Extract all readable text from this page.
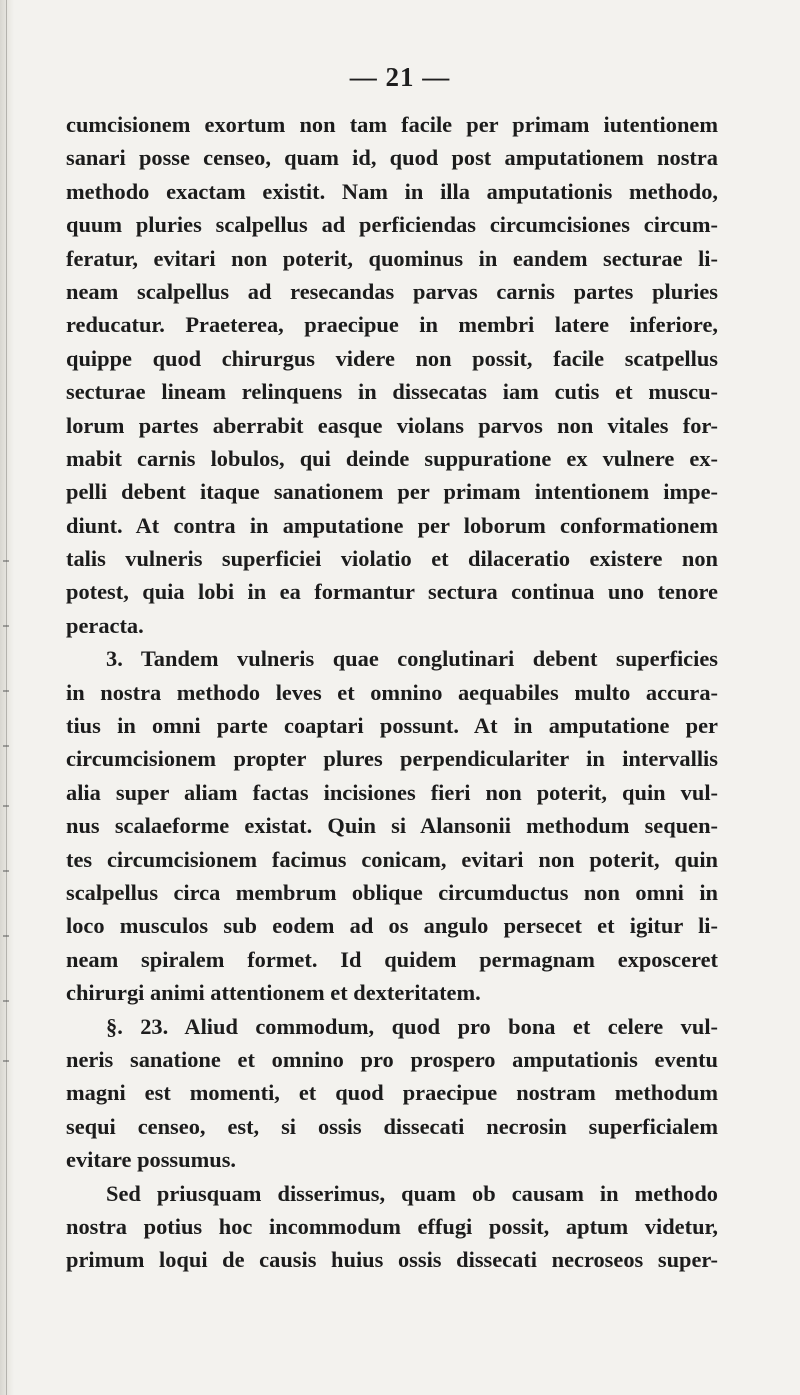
— 21 —
cumcisionem exortum non tam facile per primam iutentionem
sanari posse censeo, quam id, quod post amputationem nostra
methodo exactam existit. Nam in illa amputationis methodo,
quum pluries scalpellus ad perficiendas circumcisiones circum-
feratur, evitari non poterit, quominus in eandem secturae li-
neam scalpellus ad resecandas parvas carnis partes pluries
reducatur. Praeterea, praecipue in membri latere inferiore,
quippe quod chirurgus videre non possit, facile scatpellus
secturae lineam relinquens in dissecatas iam cutis et muscu-
lorum partes aberrabit easque violans parvos non vitales for-
mabit carnis lobulos, qui deinde suppuratione ex vulnere ex-
pelli debent itaque sanationem per primam intentionem impe-
diunt. At contra in amputatione per loborum conformationem
talis vulneris superficiei violatio et dilaceratio existere non
potest, quia lobi in ea formantur sectura continua uno tenore
peracta.
3. Tandem vulneris quae conglutinari debent superficies
in nostra methodo leves et omnino aequabiles multo accura-
tius in omni parte coaptari possunt. At in amputatione per
circumcisionem propter plures perpendiculariter in intervallis
alia super aliam factas incisiones fieri non poterit, quin vul-
nus scalaeforme existat. Quin si Alansonii methodum sequen-
tes circumcisionem facimus conicam, evitari non poterit, quin
scalpellus circa membrum oblique circumductus non omni in
loco musculos sub eodem ad os angulo persecet et igitur li-
neam spiralem formet. Id quidem permagnam exposceret
chirurgi animi attentionem et dexteritatem.
§. 23. Aliud commodum, quod pro bona et celere vul-
neris sanatione et omnino pro prospero amputationis eventu
magni est momenti, et quod praecipue nostram methodum
sequi censeo, est, si ossis dissecati necrosin superficialem
evitare possumus.
Sed priusquam disserimus, quam ob causam in methodo
nostra potius hoc incommodum effugi possit, aptum videtur,
primum loqui de causis huius ossis dissecati necroseos super-
